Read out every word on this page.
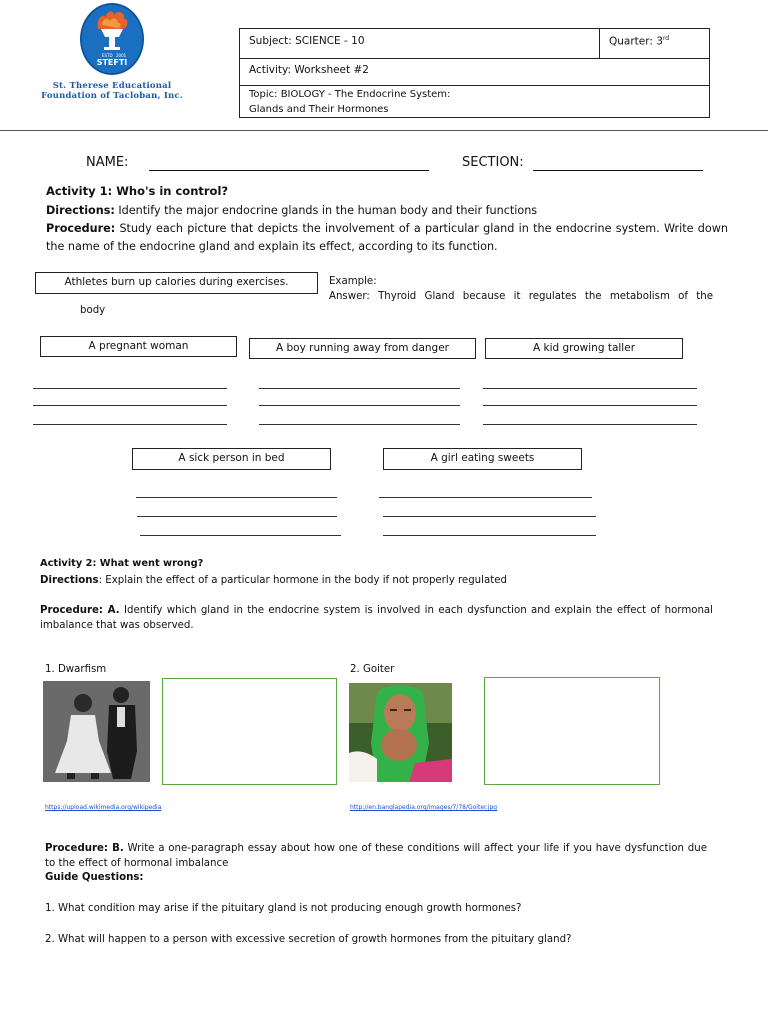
ESTD 2001
STEFTI
St. Therese Educational
Foundation of Tacloban, Inc.
Subject: SCIENCE - 10	Quarter: 3rd
Activity: Worksheet #2
Topic: BIOLOGY - The Endocrine System:
Glands and Their Hormones
NAME:	SECTION:
Activity 1: Who's in control?
Directions: Identify the major endocrine glands in the human body and their functions
Procedure: Study each picture that depicts the involvement of a particular gland in the endocrine system. Write down the name of the endocrine gland and explain its effect, according to its function.
Athletes burn up calories during exercises.	Example:
Answer: Thyroid Gland because it regulates the metabolism of the
body
A pregnant woman	A boy running away from danger	A kid growing taller
A sick person in bed	A girl eating sweets
Activity 2: What went wrong?
Directions: Explain the effect of a particular hormone in the body if not properly regulated
Procedure: A. Identify which gland in the endocrine system is involved in each dysfunction and explain the effect of hormonal imbalance that was observed.
1. Dwarfism	2. Goiter
https://upload.wikimedia.org/wikipedia	http://en.banglapedia.org/images/7/78/Goiter.jpg
Procedure: B. Write a one-paragraph essay about how one of these conditions will affect your life if you have dysfunction due to the effect of hormonal imbalance
Guide Questions:
1. What condition may arise if the pituitary gland is not producing enough growth hormones?
2. What will happen to a person with excessive secretion of growth hormones from the pituitary gland?
